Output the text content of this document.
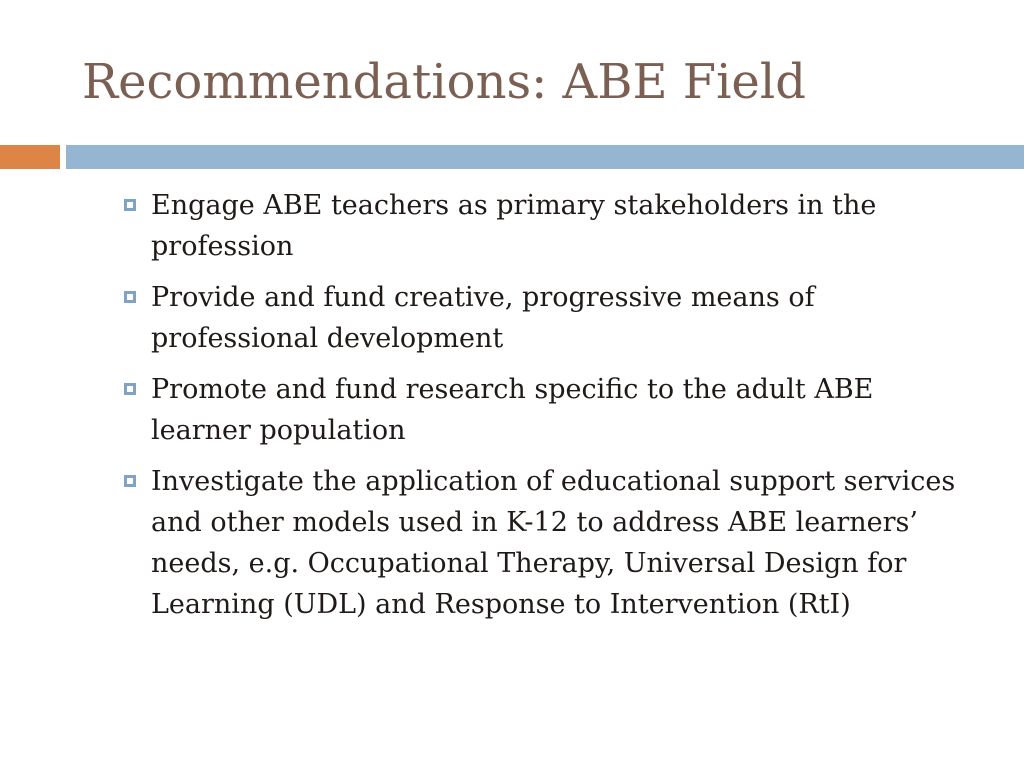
Recommendations: ABE Field
Engage ABE teachers as primary stakeholders in the profession
Provide and fund creative, progressive means of professional development
Promote and fund research specific to the adult ABE learner population
Investigate the application of educational support services and other models used in K-12 to address ABE learners’ needs, e.g. Occupational Therapy, Universal Design for Learning (UDL) and Response to Intervention (RtI)
